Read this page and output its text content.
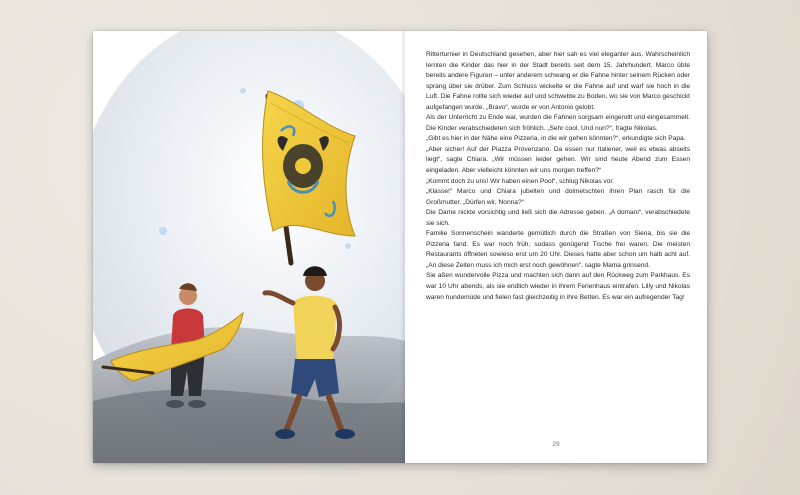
Ritterturnier in Deutschland gesehen, aber hier sah es viel eleganter aus. Wahrscheinlich lernten die Kinder das hier in der Stadt bereits seit dem 15. Jahrhundert. Marco übte bereits andere Figuren – unter anderem schwang er die Fahne hinter seinem Rücken oder sprang über sie drüber. Zum Schluss wickelte er die Fahne auf und warf sie hoch in die Luft. Die Fahne rollte sich wieder auf und schwebte zu Boden, wo sie von Marco geschickt aufgefangen wurde. „Bravo“, wurde er von Antonio gelobt.

Als der Unterricht zu Ende war, wurden die Fahnen sorgsam eingerollt und eingesammelt. Die Kinder verabschiedeten sich fröhlich. „Sehr cool. Und nun?“, fragte Nikolas.

„Gibt es hier in der Nähe eine Pizzeria, in die wir gehen könnten?“, erkundigte sich Papa.

„Aber sicher! Auf der Piazza Provenzano. Da essen nur Italiener, weil es etwas abseits liegt“, sagte Chiara. „Wir müssen leider gehen. Wir sind heute Abend zum Essen eingeladen. Aber vielleicht könnten wir uns morgen treffen?“

„Kommt doch zu uns! Wir haben einen Pool“, schlug Nikolas vor.

„Klasse!“ Marco und Chiara jubelten und dolmetschten ihren Plan rasch für die Großmutter. „Dürfen wir, Nonna?“

Die Dame nickte vorsichtig und ließ sich die Adresse geben. „A domani“, verabschiedete sie sich.

Familie Sonnenschein wanderte gemütlich durch die Straßen von Siena, bis sie die Pizzeria fand. Es war noch früh, sodass genügend Tische frei waren. Die meisten Restaurants öffneten sowieso erst um 20 Uhr. Dieses hatte aber schon um halb acht auf. „An diese Zeiten muss ich mich erst noch gewöhnen“, sagte Mama grinsend.

Sie aßen wundervolle Pizza und machten sich dann auf den Rückweg zum Parkhaus. Es war 10 Uhr abends, als sie endlich wieder in ihrem Ferienhaus eintrafen. Lilly und Nikolas waren hundemüde und fielen fast gleichzeitig in ihre Betten. Es war ein aufregender Tag!

29
